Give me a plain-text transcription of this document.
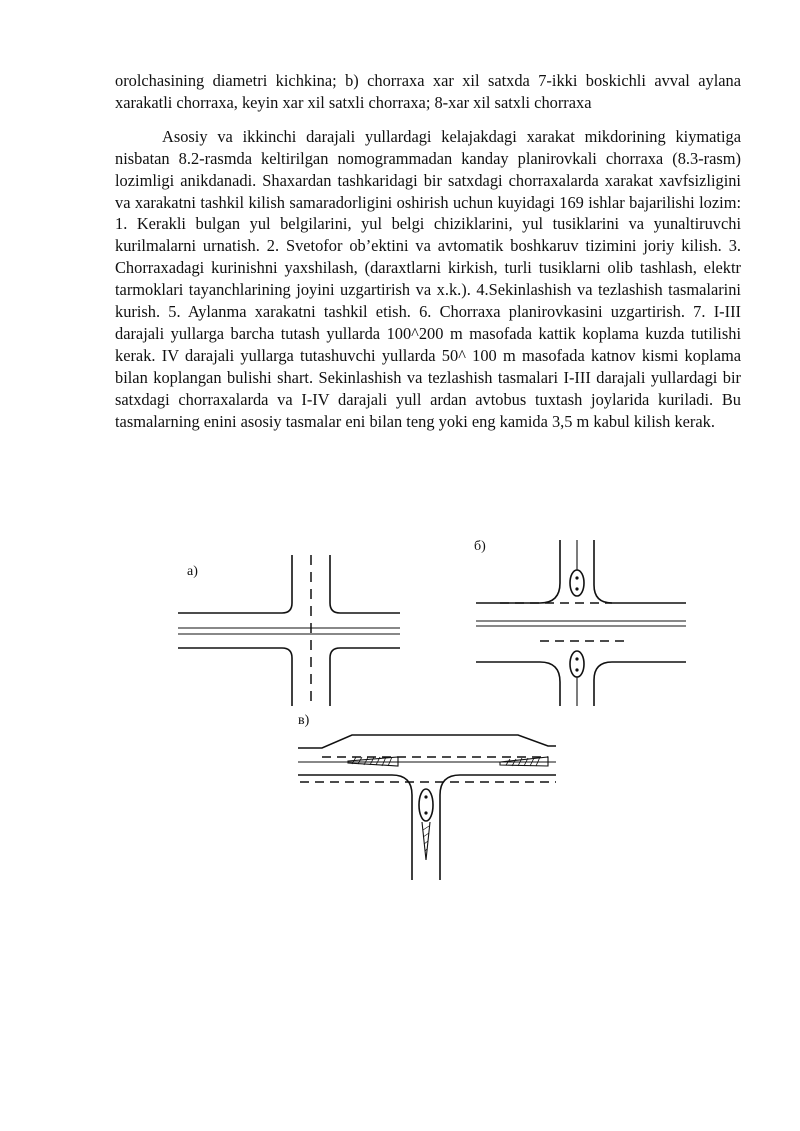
orolchasining diametri kichkina; b) chorraxa xar xil satxda 7-ikki boskichli avval aylana xarakatli chorraxa, keyin xar xil satxli chorraxa; 8-xar xil satxli chorraxa

Asosiy va ikkinchi darajali yullardagi kelajakdagi xarakat mikdorining kiymatiga nisbatan 8.2-rasmda keltirilgan nomogrammadan kanday planirovkali chorraxa (8.3-rasm) lozimligi anikdanadi. Shaxardan tashkaridagi bir satxdagi chorraxalarda xarakat xavfsizligini va xarakatni tashkil kilish samaradorligini oshirish uchun kuyidagi 169 ishlar bajarilishi lozim: 1. Kerakli bulgan yul belgilarini, yul belgi chiziklarini, yul tusiklarini va yunaltiruvchi kurilmalarni urnatish. 2. Svetofor ob’ektini va avtomatik boshkaruv tizimini joriy kilish. 3. Chorraxadagi kurinishni yaxshilash, (daraxtlarni kirkish, turli tusiklarni olib tashlash, elektr tarmoklari tayanchlarining joyini uzgartirish va x.k.). 4.Sekinlashish va tezlashish tasmalarini kurish. 5. Aylanma xarakatni tashkil etish. 6. Chorraxa planirovkasini uzgartirish. 7. I-III darajali yullarga barcha tutash yullarda 100^200 m masofada kattik koplama kuzda tutilishi kerak. IV darajali yullarga tutashuvchi yullarda 50^ 100 m masofada katnov kismi koplama bilan koplangan bulishi shart. Sekinlashish va tezlashish tasmalari I-III darajali yullardagi bir satxdagi chorraxalarda va I-IV darajali yull ardan avtobus tuxtash joylarida kuriladi. Bu tasmalarning enini asosiy tasmalar eni bilan teng yoki eng kamida 3,5 m kabul kilish kerak.

a)
б)
в)
